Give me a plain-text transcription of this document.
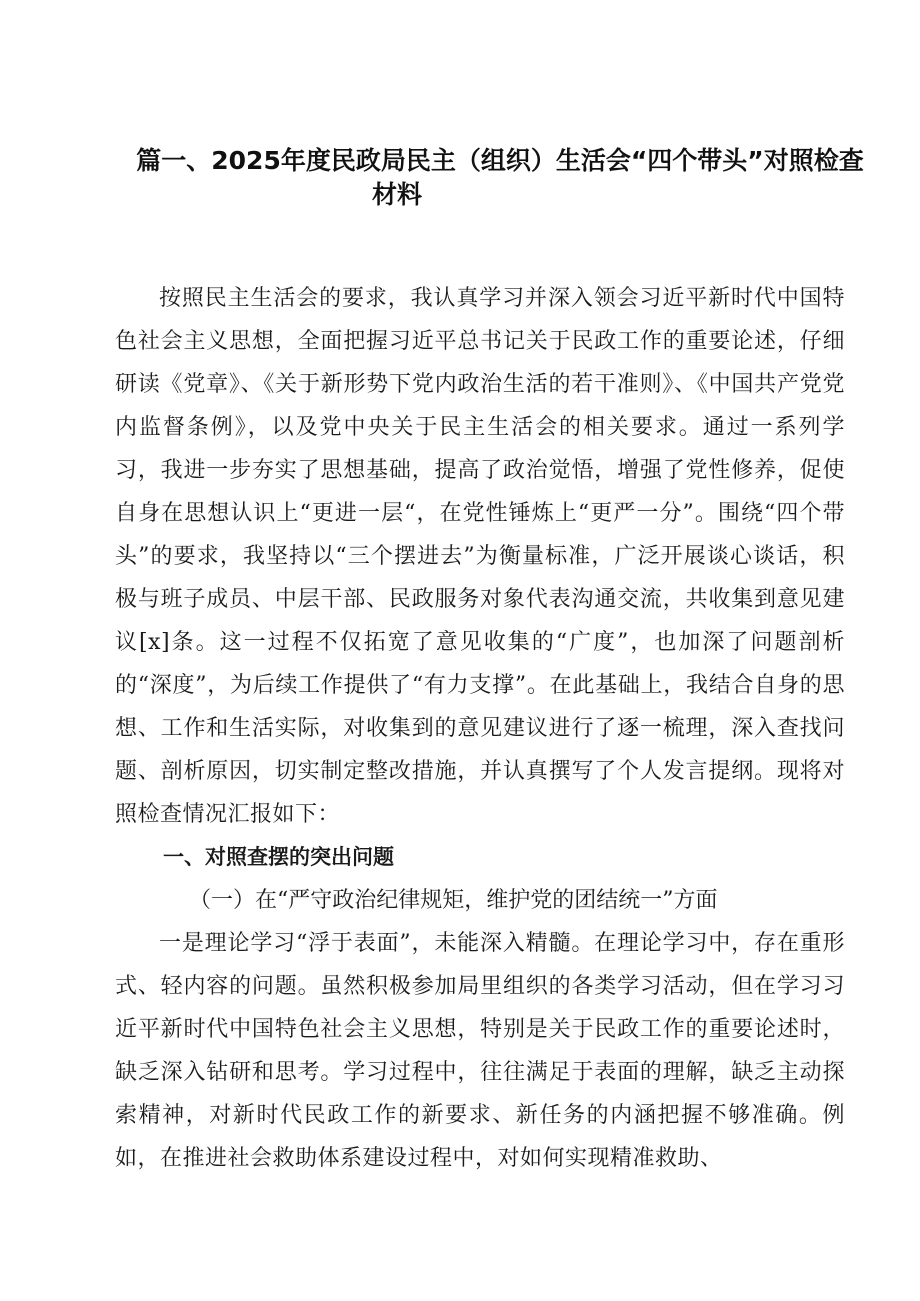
篇一、2025年度民政局民主（组织）生活会“四个带头”对照检查
材料

按照民主生活会的要求，我认真学习并深入领会习近平新时代中国特色社会主义思想，全面把握习近平总书记关于民政工作的重要论述，仔细研读《党章》、《关于新形势下党内政治生活的若干准则》、《中国共产党党内监督条例》，以及党中央关于民主生活会的相关要求。通过一系列学习，我进一步夯实了思想基础，提高了政治觉悟，增强了党性修养，促使自身在思想认识上“更进一层“，在党性锤炼上“更严一分”。围绕“四个带头”的要求，我坚持以“三个摆进去”为衡量标准，广泛开展谈心谈话，积极与班子成员、中层干部、民政服务对象代表沟通交流，共收集到意见建议[x]条。这一过程不仅拓宽了意见收集的“广度”，也加深了问题剖析的“深度”，为后续工作提供了“有力支撑”。在此基础上，我结合自身的思想、工作和生活实际，对收集到的意见建议进行了逐一梳理，深入查找问题、剖析原因，切实制定整改措施，并认真撰写了个人发言提纲。现将对照检查情况汇报如下：

一、对照查摆的突出问题

（一）在“严守政治纪律规矩，维护党的团结统一”方面

一是理论学习“浮于表面”，未能深入精髓。在理论学习中，存在重形式、轻内容的问题。虽然积极参加局里组织的各类学习活动，但在学习习近平新时代中国特色社会主义思想，特别是关于民政工作的重要论述时，缺乏深入钻研和思考。学习过程中，往往满足于表面的理解，缺乏主动探索精神，对新时代民政工作的新要求、新任务的内涵把握不够准确。例如，在推进社会救助体系建设过程中，对如何实现精准救助、
